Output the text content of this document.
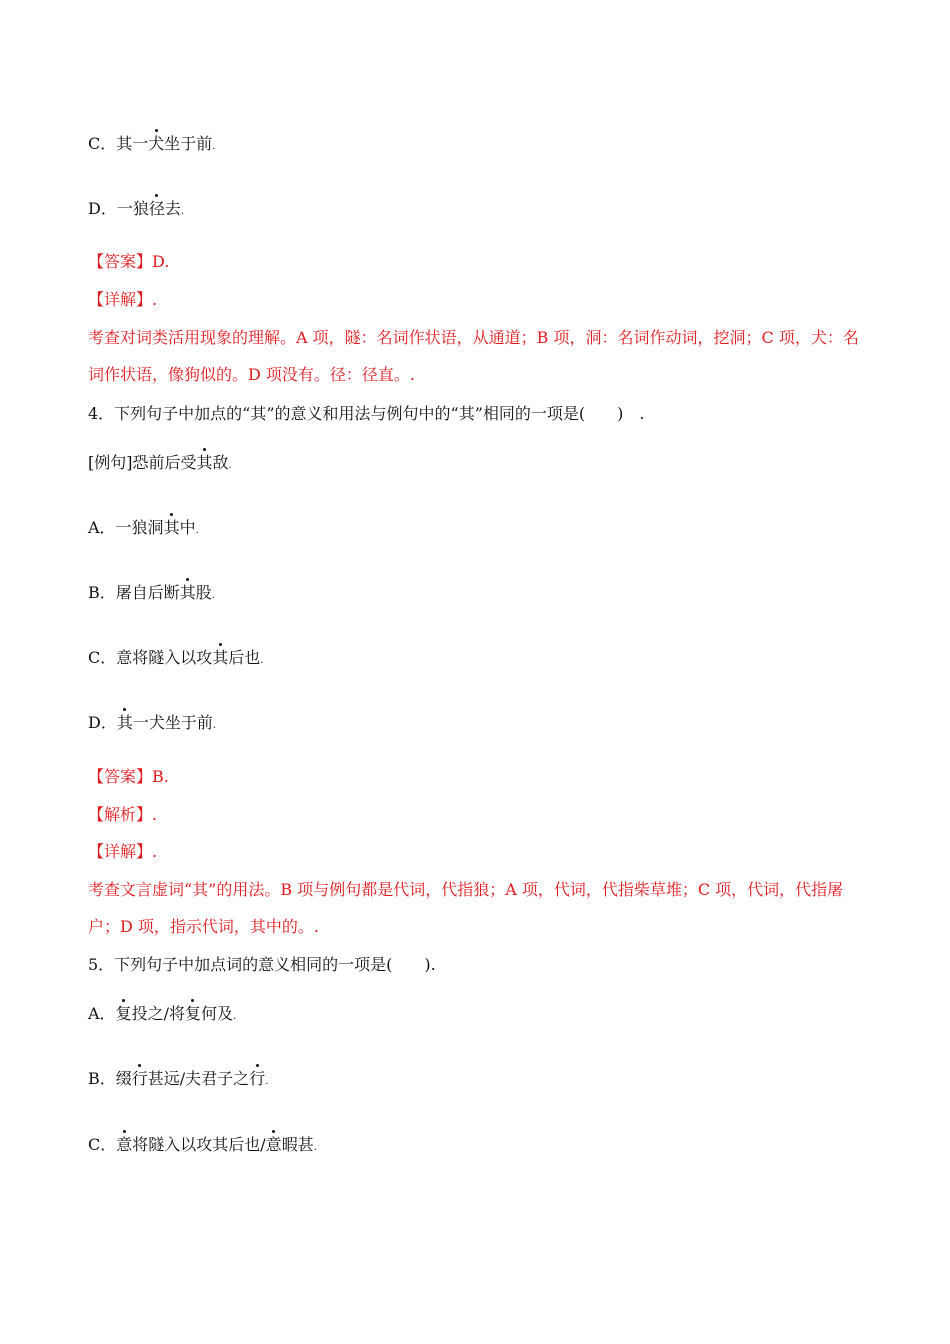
C．其一犬坐于前.
D．一狼径去.
【答案】D.
【详解】.
考查对词类活用现象的理解。A 项，隧：名词作状语，从通道；B 项，洞：名词作动词，挖洞；C 项，犬：名词作状语，像狗似的。D 项没有。径：径直。.
4．下列句子中加点的“其”的意义和用法与例句中的“其”相同的一项是(　　)　.
[例句]恐前后受其敌.
A．一狼洞其中.
B．屠自后断其股.
C．意将隧入以攻其后也.
D．其一犬坐于前.
【答案】B.
【解析】.
【详解】.
考查文言虚词“其”的用法。B 项与例句都是代词，代指狼；A 项，代词，代指柴草堆；C 项，代词，代指屠户；D 项，指示代词，其中的。.
5．下列句子中加点词的意义相同的一项是(　　).
A．复投之/将复何及.
B．缀行甚远/夫君子之行.
C．意将隧入以攻其后也/意暇甚.
